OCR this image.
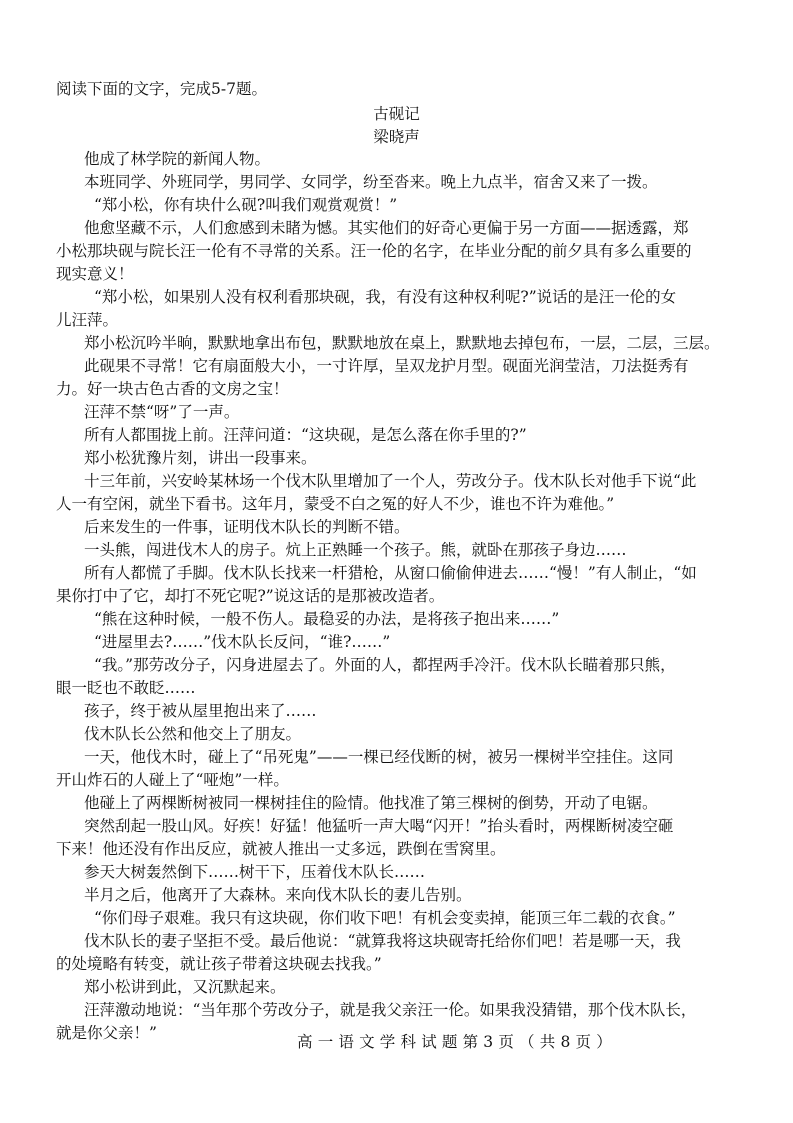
阅读下面的文字，完成5-7题。
古砚记
梁晓声
他成了林学院的新闻人物。
本班同学、外班同学，男同学、女同学，纷至沓来。晚上九点半，宿舍又来了一拨。
“郑小松，你有块什么砚?叫我们观赏观赏！”
他愈坚藏不示，人们愈感到未睹为憾。其实他们的好奇心更偏于另一方面——据透露，郑
小松那块砚与院长汪一伦有不寻常的关系。汪一伦的名字，在毕业分配的前夕具有多么重要的
现实意义！
“郑小松，如果别人没有权利看那块砚，我，有没有这种权利呢?”说话的是汪一伦的女
儿汪萍。
郑小松沉吟半晌，默默地拿出布包，默默地放在桌上，默默地去掉包布，一层，二层，三层。
此砚果不寻常！它有扇面般大小，一寸许厚，呈双龙护月型。砚面光润莹洁，刀法挺秀有
力。好一块古色古香的文房之宝！
汪萍不禁“呀”了一声。
所有人都围拢上前。汪萍问道：“这块砚，是怎么落在你手里的?”
郑小松犹豫片刻，讲出一段事来。
十三年前，兴安岭某林场一个伐木队里增加了一个人，劳改分子。伐木队长对他手下说“此
人一有空闲，就坐下看书。这年月，蒙受不白之冤的好人不少，谁也不许为难他。”
后来发生的一件事，证明伐木队长的判断不错。
一头熊，闯进伐木人的房子。炕上正熟睡一个孩子。熊，就卧在那孩子身边……
所有人都慌了手脚。伐木队长找来一杆猎枪，从窗口偷偷伸进去……“慢！”有人制止，“如
果你打中了它，却打不死它呢?”说这话的是那被改造者。
“熊在这种时候，一般不伤人。最稳妥的办法，是将孩子抱出来……”
“进屋里去?……”伐木队长反问，“谁?……”
“我。”那劳改分子，闪身进屋去了。外面的人，都捏两手冷汗。伐木队长瞄着那只熊，
眼一眨也不敢眨……
孩子，终于被从屋里抱出来了……
伐木队长公然和他交上了朋友。
一天，他伐木时，碰上了“吊死鬼”——一棵已经伐断的树，被另一棵树半空挂住。这同
开山炸石的人碰上了“哑炮”一样。
他碰上了两棵断树被同一棵树挂住的险情。他找准了第三棵树的倒势，开动了电锯。
突然刮起一股山风。好疾！好猛！他猛听一声大喝“闪开！”抬头看时，两棵断树凌空砸
下来！他还没有作出反应，就被人推出一丈多远，跌倒在雪窝里。
参天大树轰然倒下……树干下，压着伐木队长……
半月之后，他离开了大森林。来向伐木队长的妻儿告别。
“你们母子艰难。我只有这块砚，你们收下吧！有机会变卖掉，能顶三年二载的衣食。”
伐木队长的妻子坚拒不受。最后他说：“就算我将这块砚寄托给你们吧！若是哪一天，我
的处境略有转变，就让孩子带着这块砚去找我。”
郑小松讲到此，又沉默起来。
汪萍激动地说：“当年那个劳改分子，就是我父亲汪一伦。如果我没猜错，那个伐木队长，
就是你父亲！”	高一语文学科试题第3页（共8页）
